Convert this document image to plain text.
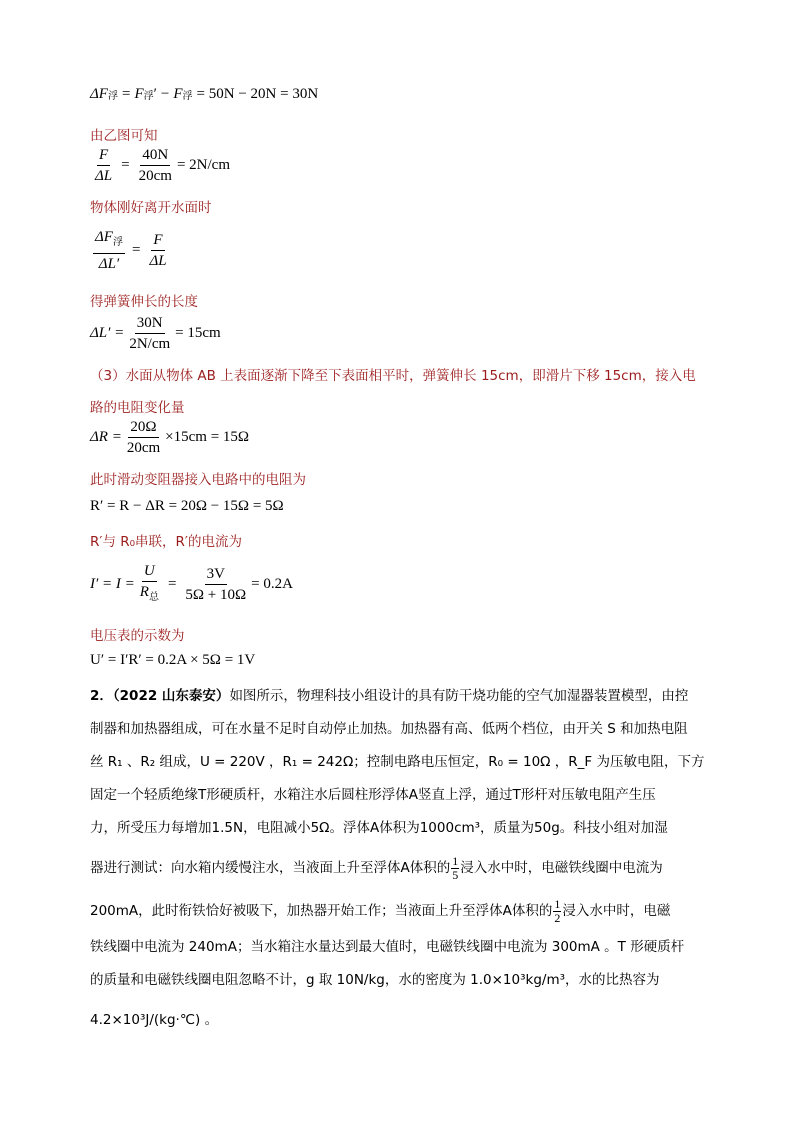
ΔF 浮 = F 浮 ′ − F 浮 = 50N − 20N = 30N
由乙图可知
$\frac{F}{\Delta L} = \frac{40N}{20cm} = 2N/cm$
物体刚好离开水面时
$\frac{\Delta F_浮}{\Delta L'} = \frac{F}{\Delta L}$
得弹簧伸长的长度
$\Delta L' = \frac{30N}{2N/cm} = 15cm$
（3）水面从物体 AB 上表面逐渐下降至下表面相平时，弹簧伸长 15cm，即滑片下移 15cm，接入电
路的电阻变化量
$\Delta R = \frac{20\Omega}{20cm} \times 15cm = 15\Omega$
此时滑动变阻器接入电路中的电阻为
R′ = R − ΔR = 20Ω − 15Ω = 5Ω
R′与 R₀串联，R′的电流为
$I' = I = \frac{U}{R_总} = \frac{3V}{5\Omega + 10\Omega} = 0.2A$
电压表的示数为
U′ = I′R′ = 0.2A × 5Ω = 1V
2．（2022 山东泰安）如图所示，物理科技小组设计的具有防干烧功能的空气加湿器装置模型，由控
制器和加热器组成，可在水量不足时自动停止加热。加热器有高、低两个档位，由开关 S 和加热电阻
丝 R₁ 、R₂ 组成，U = 220V ，R₁ = 242Ω；控制电路电压恒定，R₀ = 10Ω ，R_F 为压敏电阻，下方
固定一个轻质绝缘T形硬质杆，水箱注水后圆柱形浮体A竖直上浮，通过T形杆对压敏电阻产生压
力，所受压力每增加1.5N，电阻减小5Ω。浮体A体积为1000cm³，质量为50g。科技小组对加湿
器进行测试：向水箱内缓慢注水，当液面上升至浮体A体积的 $\frac{1}{5}$ 浸入水中时，电磁铁线圈中电流为
200mA，此时衔铁恰好被吸下，加热器开始工作；当液面上升至浮体A体积的 $\frac{1}{2}$ 浸入水中时，电磁
铁线圈中电流为 240mA；当水箱注水量达到最大值时，电磁铁线圈中电流为 300mA 。T 形硬质杆
的质量和电磁铁线圈电阻忽略不计，g 取 10N/kg，水的密度为 1.0×10³kg/m³，水的比热容为
4.2×10³J/(kg·℃) 。
